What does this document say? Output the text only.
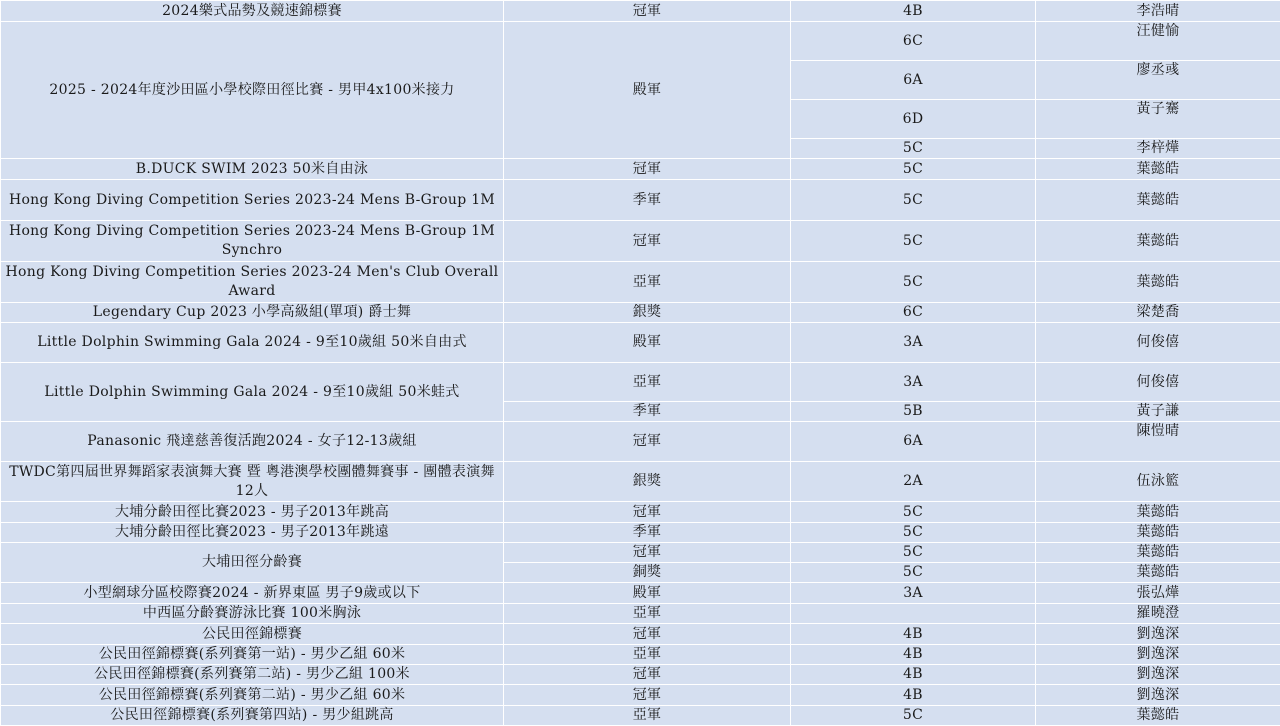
2024樂式品勢及競速錦標賽	冠軍	4B	李浩晴
2025 - 2024年度沙田區小學校際田徑比賽 - 男甲4x100米接力	殿軍	6C	汪健愉
		6A	廖丞彧
		6D	黃子騫
		5C	李梓燁
B.DUCK SWIM 2023 50米自由泳	冠軍	5C	葉懿皓
Hong Kong Diving Competition Series 2023-24 Mens B-Group 1M	季軍	5C	葉懿皓
Hong Kong Diving Competition Series 2023-24 Mens B-Group 1M Synchro	冠軍	5C	葉懿皓
Hong Kong Diving Competition Series 2023-24 Men's Club Overall Award	亞軍	5C	葉懿皓
Legendary Cup 2023 小學高級組(單項) 爵士舞	銀獎	6C	梁楚喬
Little Dolphin Swimming Gala 2024 - 9至10歲組 50米自由式	殿軍	3A	何俊僖
Little Dolphin Swimming Gala 2024 - 9至10歲組 50米蛙式	亞軍	3A	何俊僖
	季軍	5B	黃子謙
Panasonic 飛達慈善復活跑2024 - 女子12-13歲組	冠軍	6A	陳愷晴
TWDC第四屆世界舞蹈家表演舞大賽 暨 粵港澳學校團體舞賽事 - 團體表演舞12人	銀獎	2A	伍泳籃
大埔分齡田徑比賽2023 - 男子2013年跳高	冠軍	5C	葉懿皓
大埔分齡田徑比賽2023 - 男子2013年跳遠	季軍	5C	葉懿皓
大埔田徑分齡賽	冠軍	5C	葉懿皓
	銅獎	5C	葉懿皓
小型網球分區校際賽2024 - 新界東區 男子9歲或以下	殿軍	3A	張弘燁
中西區分齡賽游泳比賽 100米胸泳	亞軍		羅曉澄
公民田徑錦標賽	冠軍	4B	劉逸深
公民田徑錦標賽(系列賽第一站) - 男少乙組 60米	亞軍	4B	劉逸深
公民田徑錦標賽(系列賽第二站) - 男少乙組 100米	冠軍	4B	劉逸深
公民田徑錦標賽(系列賽第二站) - 男少乙組 60米	冠軍	4B	劉逸深
公民田徑錦標賽(系列賽第四站) - 男少組跳高	亞軍	5C	葉懿皓
